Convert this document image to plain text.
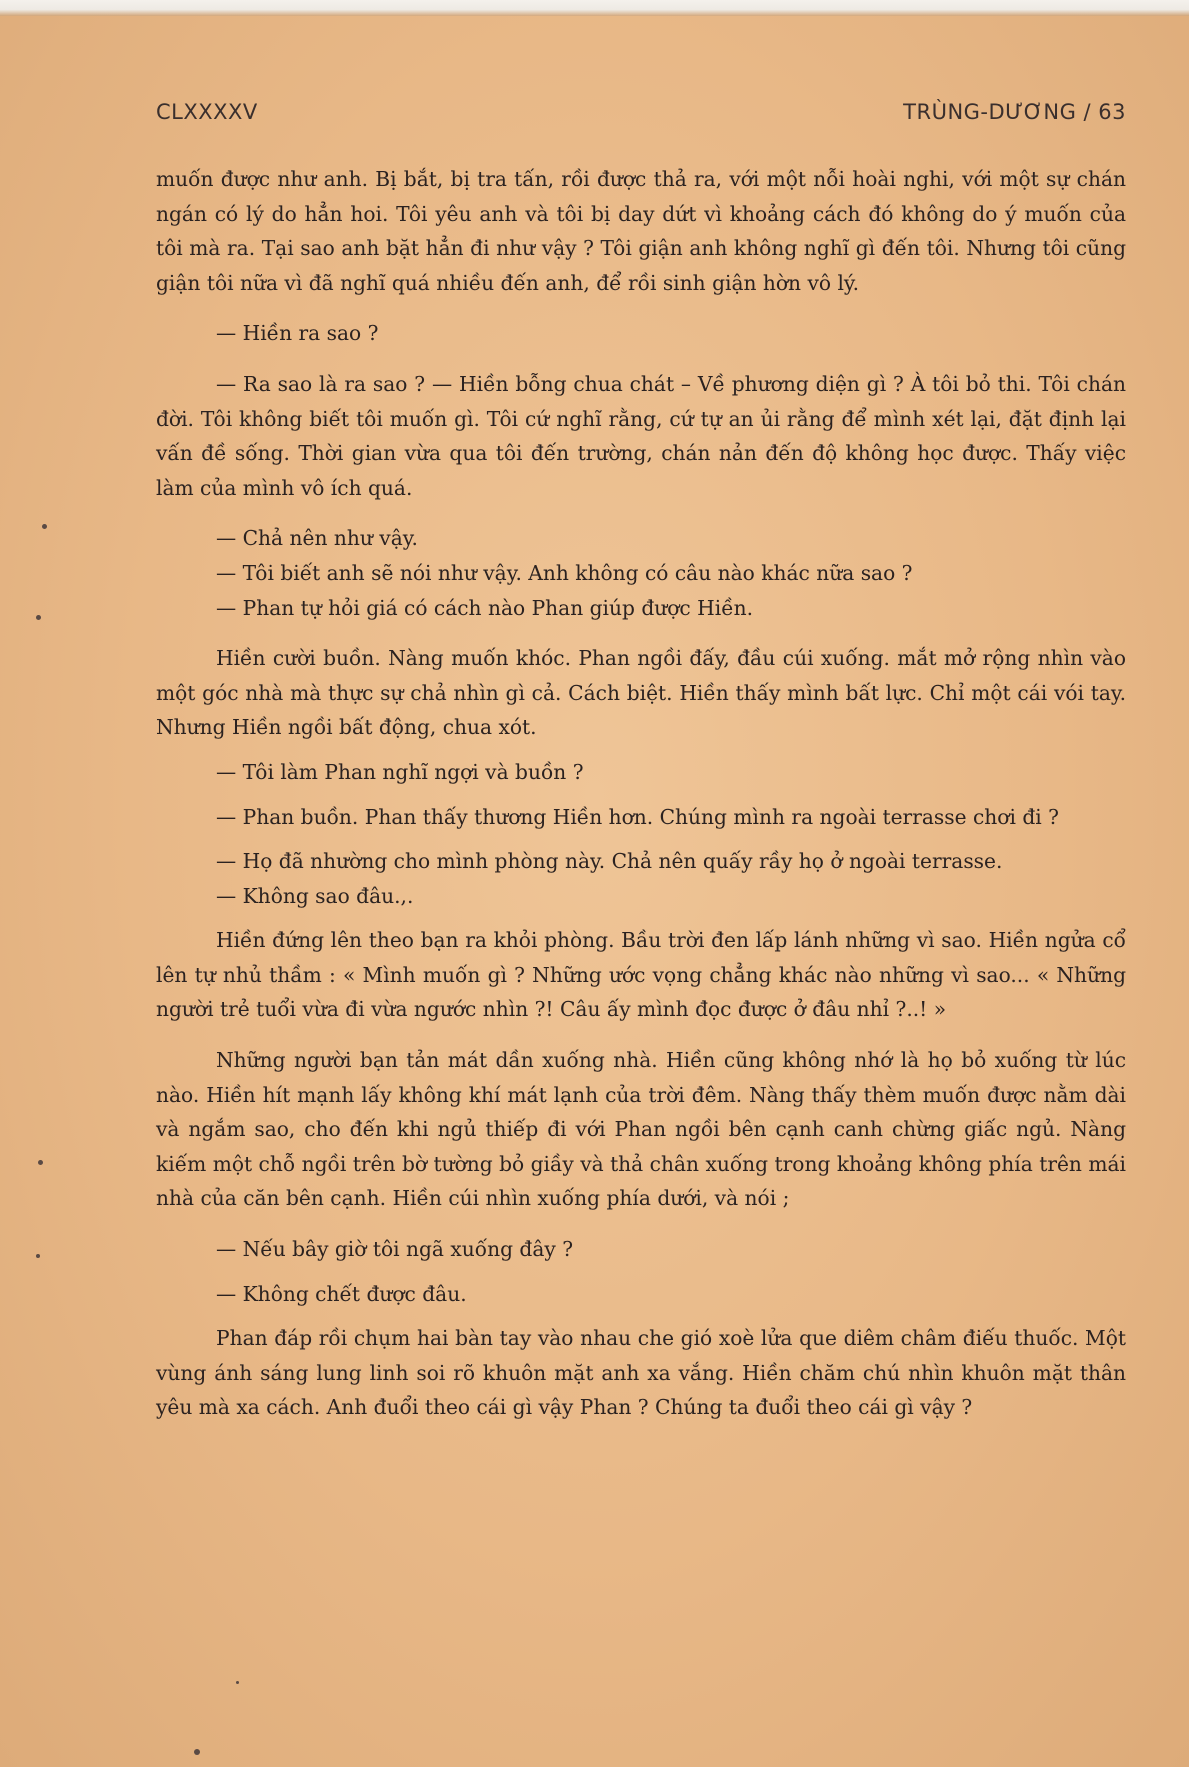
CLXXXXV	TRÙNG-DƯƠNG / 63

muốn được như anh. Bị bắt, bị tra tấn, rồi được thả ra, với một nỗi hoài nghi, với một sự chán ngán có lý do hẳn hoi. Tôi yêu anh và tôi bị day dứt vì khoảng cách đó không do ý muốn của tôi mà ra. Tại sao anh bặt hẳn đi như vậy ? Tôi giận anh không nghĩ gì đến tôi. Nhưng tôi cũng giận tôi nữa vì đã nghĩ quá nhiều đến anh, để rồi sinh giận hờn vô lý.

— Hiền ra sao ?

— Ra sao là ra sao ? — Hiền bỗng chua chát – Về phương diện gì ? À tôi bỏ thi. Tôi chán đời. Tôi không biết tôi muốn gì. Tôi cứ nghĩ rằng, cứ tự an ủi rằng để mình xét lại, đặt định lại vấn đề sống. Thời gian vừa qua tôi đến trường, chán nản đến độ không học được. Thấy việc làm của mình vô ích quá.

— Chả nên như vậy.

— Tôi biết anh sẽ nói như vậy. Anh không có câu nào khác nữa sao ?

— Phan tự hỏi giá có cách nào Phan giúp được Hiền.

Hiền cười buồn. Nàng muốn khóc. Phan ngồi đấy, đầu cúi xuống. mắt mở rộng nhìn vào một góc nhà mà thực sự chả nhìn gì cả. Cách biệt. Hiền thấy mình bất lực. Chỉ một cái vói tay. Nhưng Hiền ngồi bất động, chua xót.

— Tôi làm Phan nghĩ ngợi và buồn ?

— Phan buồn. Phan thấy thương Hiền hơn. Chúng mình ra ngoài terrasse chơi đi ?

— Họ đã nhường cho mình phòng này. Chả nên quấy rầy họ ở ngoài terrasse.

— Không sao đâu.,.

Hiền đứng lên theo bạn ra khỏi phòng. Bầu trời đen lấp lánh những vì sao. Hiền ngửa cổ lên tự nhủ thầm : « Mình muốn gì ? Những ước vọng chẳng khác nào những vì sao... « Những người trẻ tuổi vừa đi vừa ngước nhìn ?! Câu ấy mình đọc được ở đâu nhỉ ?..! »

Những người bạn tản mát dần xuống nhà. Hiền cũng không nhớ là họ bỏ xuống từ lúc nào. Hiền hít mạnh lấy không khí mát lạnh của trời đêm. Nàng thấy thèm muốn được nằm dài và ngắm sao, cho đến khi ngủ thiếp đi với Phan ngồi bên cạnh canh chừng giấc ngủ. Nàng kiếm một chỗ ngồi trên bờ tường bỏ giầy và thả chân xuống trong khoảng không phía trên mái nhà của căn bên cạnh. Hiền cúi nhìn xuống phía dưới, và nói ;

— Nếu bây giờ tôi ngã xuống đây ?

— Không chết được đâu.

Phan đáp rồi chụm hai bàn tay vào nhau che gió xoè lửa que diêm châm điếu thuốc. Một vùng ánh sáng lung linh soi rõ khuôn mặt anh xa vắng. Hiền chăm chú nhìn khuôn mặt thân yêu mà xa cách. Anh đuổi theo cái gì vậy Phan ? Chúng ta đuổi theo cái gì vậy ?
